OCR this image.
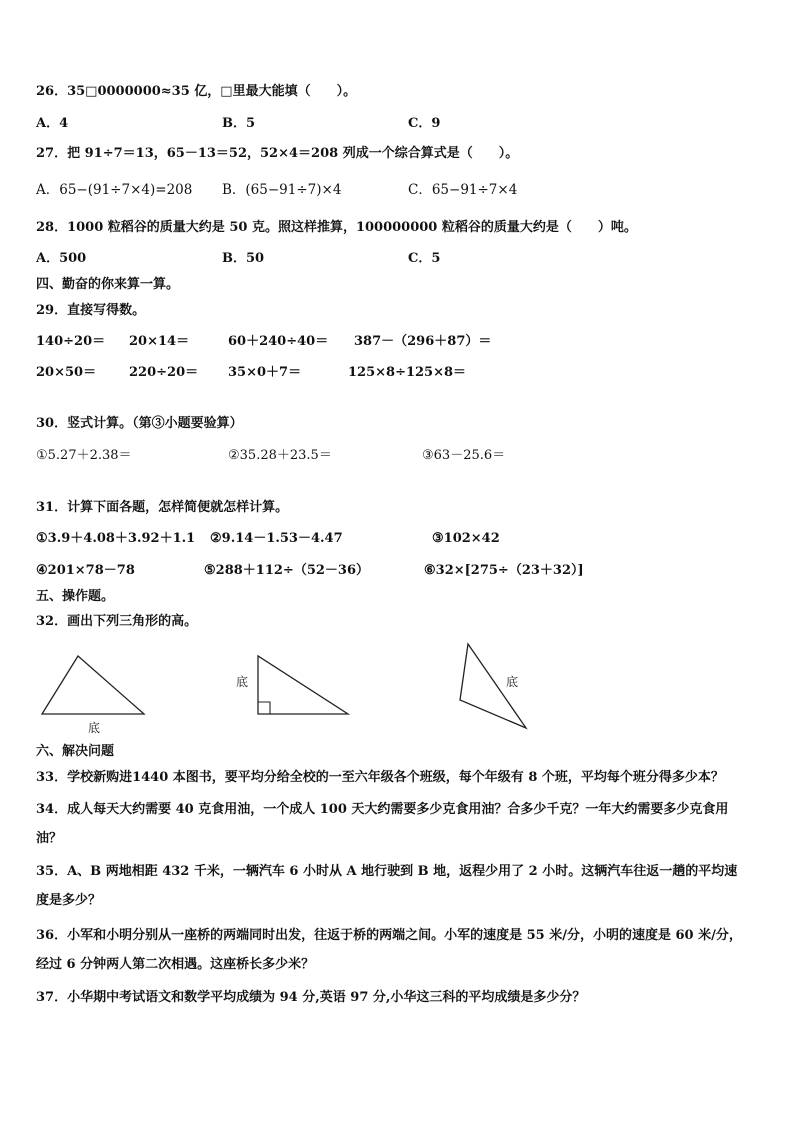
26．35□0000000≈35 亿，□里最大能填（　　）。
A．4	B．5	C．9
27．把 91÷7＝13，65－13＝52，52×4＝208 列成一个综合算式是（　　）。
A．65−(91÷7×4)=208 B．(65−91÷7)×4	C．65−91÷7×4
28．1000 粒稻谷的质量大约是 50 克。照这样推算，100000000 粒稻谷的质量大约是（　　）吨。
A．500	B．50	C．5
四、勤奋的你来算一算。
29．直接写得数。
140÷20＝ 20×14＝	60＋240÷40＝ 387－（296＋87）＝
20×50＝	220÷20＝ 35×0＋7＝	125×8÷125×8＝
30．竖式计算。（第③小题要验算）
①5.27＋2.38＝	②35.28＋23.5＝	③63－25.6＝
31．计算下面各题，怎样简便就怎样计算。
①3.9＋4.08＋3.92＋1.1 ②9.14－1.53－4.47	③102×42
④201×78－78	⑤288＋112÷（52－36）	⑥32×[275÷（23＋32）]
五、操作题。
32．画出下列三角形的高。
底
底	底
六、解决问题
33．学校新购进1440 本图书，要平均分给全校的一至六年级各个班级，每个年级有 8 个班，平均每个班分得多少本？
34．成人每天大约需要 40 克食用油，一个成人 100 天大约需要多少克食用油？合多少千克？一年大约需要多少克食用
油？
35．A、B 两地相距 432 千米，一辆汽车 6 小时从 A 地行驶到 B 地，返程少用了 2 小时。这辆汽车往返一趟的平均速
度是多少？
36．小军和小明分别从一座桥的两端同时出发，往返于桥的两端之间。小军的速度是 55 米/分，小明的速度是 60 米/分，
经过 6 分钟两人第二次相遇。这座桥长多少米？
37．小华期中考试语文和数学平均成绩为 94 分,英语 97 分,小华这三科的平均成绩是多少分？
